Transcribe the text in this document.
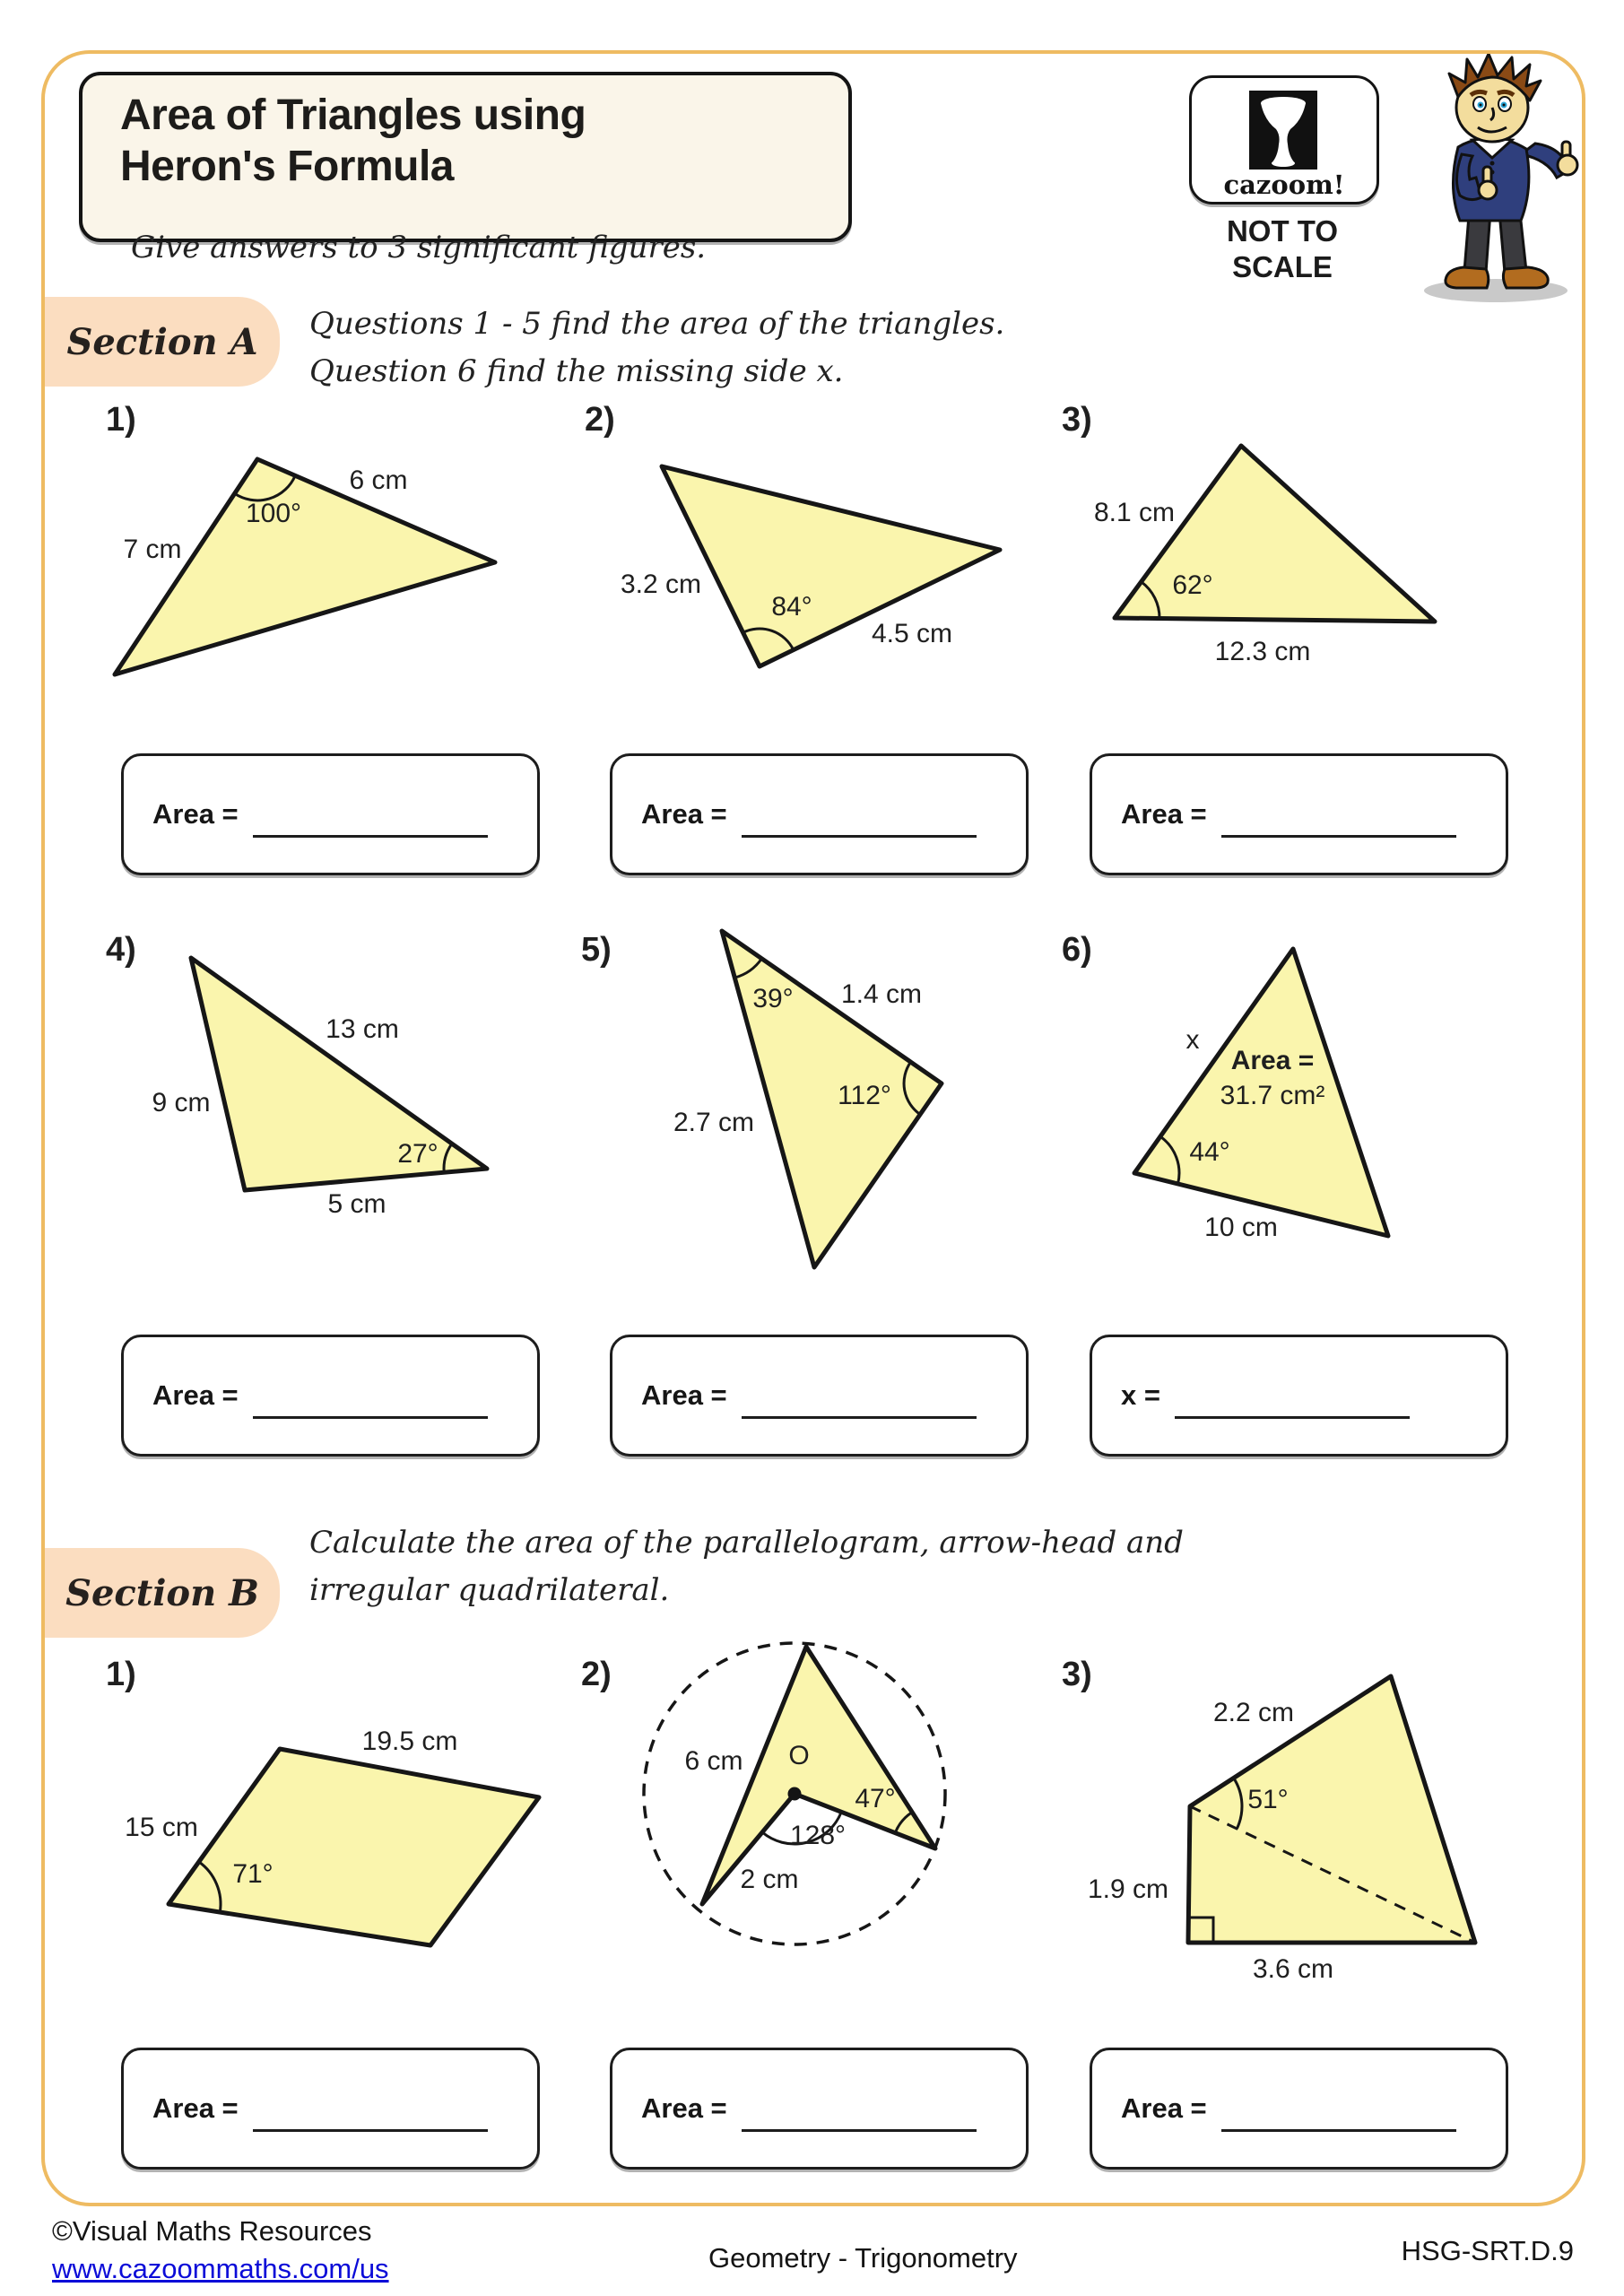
Area of Triangles using
Heron's Formula	cazoom!
NOT TO
SCALE
Give answers to 3 significant figures.
Section A Questions 1 - 5 find the area of the triangles.
Question 6 find the missing side x.
1)	2)	3)
6 cm
100°
7 cm
3.2 cm
84°
4.5 cm
8.1 cm
62°
12.3 cm
Area =	Area =	Area =
4)	5)	6)
13 cm
9 cm
27°
5 cm
39° 1.4 cm
112°
2.7 cm
x
Area =
31.7 cm²
44°
10 cm
Area =	Area =	x =
Section B
Calculate the area of the parallelogram, arrow-head and
irregular quadrilateral.
1)	2)	3)
19.5 cm
15 cm
71°
6 cm O
47°
128°
2 cm
2.2 cm
51°
1.9 cm
3.6 cm
Area =	Area =	Area =
©Visual Maths Resources
www.cazoommaths.com/us	Geometry - Trigonometry	HSG-SRT.D.9
